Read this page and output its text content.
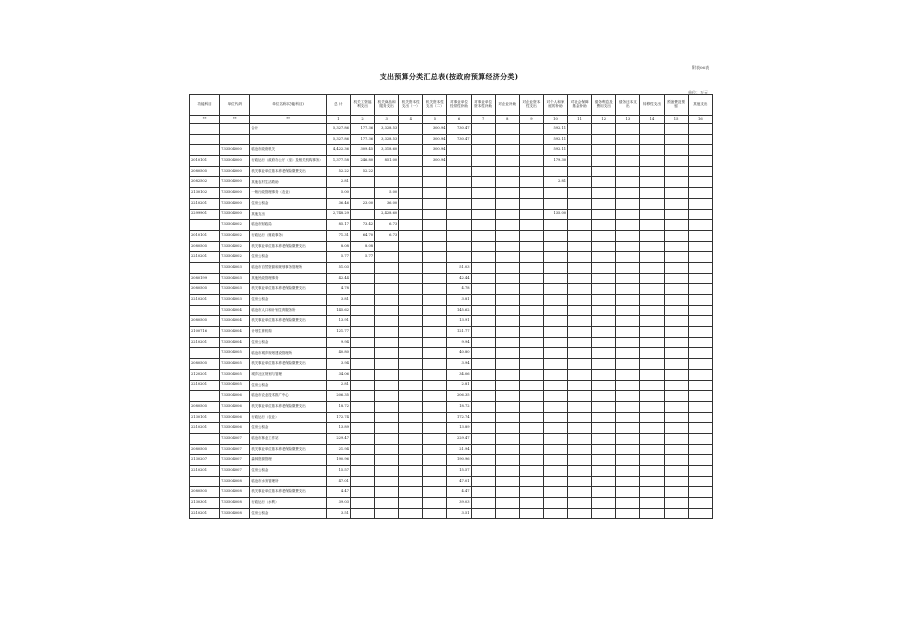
附表06表
支出预算分类汇总表(按政府预算经济分类)
单位：万元
功能科目	单位代码	单位名称(功能科目)	总 计	机关工资福利支出	机关商品和服务支出	机关资本性支出（一）	机关资本性支出（二）	对事业单位经常性补助	对事业单位资本性补助	对企业补助	对企业资本性支出	对个人和家庭的补助	对社会保障基金补助	债务利息及费用支出	债务还本支出	转移性支出	预备费及预留	其他支出
**	**	**	1	2	3	4	5	6	7	8	9	10	11	12	13	14	15	16
		合计	5,327.86	177.36	3,328.53		300.94	730.47				592.11						
			5,327.86	177.36	3,328.53		300.94	730.47				592.11						
	733504000	临沧市政府机关	4,422.36	309.45	3,318.60		300.94					592.11						
2010101	733504000	行政运行（政府办公厅（室）及相关机构事务）	1,377.58	246.80	851.00		300.94					179.30						
2080505	733504000	机关事业单位基本养老保险缴费支出	52.22	52.22														
2082502	733504000	其他农村生活救助	2.81									2.81						
2130102	733504000	一般行政管理事务（农业）	5.00		5.00													
2210201	733504000	住房公积金	36.46	23.00	36.00													
2299901	733504000	其他支出	2,748.29		2,428.60							135.00						
	733504002	临沧市财政局	85.17	73.42	6.73													
2010101	733504002	行政运行（财政事务）	71.31	64.70	6.73													
2080505	733504002	机关事业单位基本养老保险缴费支出	8.08	8.08														
2210201	733504002	住房公积金	5.77	5.77														
	733504003	临沧市自然资源和规划事务管理所	51.03					51.03										
2080199	733504003	其他民政管理事务	42.44					42.44										
2080505	733504003	机关事业单位基本养老保险缴费支出	4.78					4.78										
2210201	733504003	住房公积金	3.81					3.81										
	733504004	临沧市人口和计划生育服务所	145.62					145.62										
2080505	733504004	机关事业单位基本养老保险缴费支出	13.91					13.91										
2100716	733504004	计划生育机构	121.77					121.77										
2210201	733504004	住房公积金	9.94					9.94										
	733504005	临沧市城乡规划建设管理所	40.80					40.80										
2080505	733504005	机关事业单位基本养老保险缴费支出	3.94					3.94										
2120201	733504005	城乡社区规划与管理	34.06					34.06										
2210201	733504005	住房公积金	2.81					2.81										
	733504006	临沧市农业技术推广中心	206.35					206.35										
2080505	733504006	机关事业单位基本养老保险缴费支出	18.72					18.72										
2130101	733504006	行政运行（农业）	172.74					172.74										
2210201	733504006	住房公积金	13.89					13.89										
	733504007	临沧市林业工作站	229.47					229.47										
2080505	733504007	机关事业单位基本养老保险缴费支出	21.94					21.94										
2130207	733504007	森林资源管理	190.96					190.96										
2210201	733504007	住房公积金	15.57					15.57										
	733504008	临沧市水务管理所	47.01					47.01										
2080505	733504008	机关事业单位基本养老保险缴费支出	4.47					4.47										
2130301	733504008	行政运行（水利）	39.03					39.03										
2210201	733504008	住房公积金	3.51					3.51										
